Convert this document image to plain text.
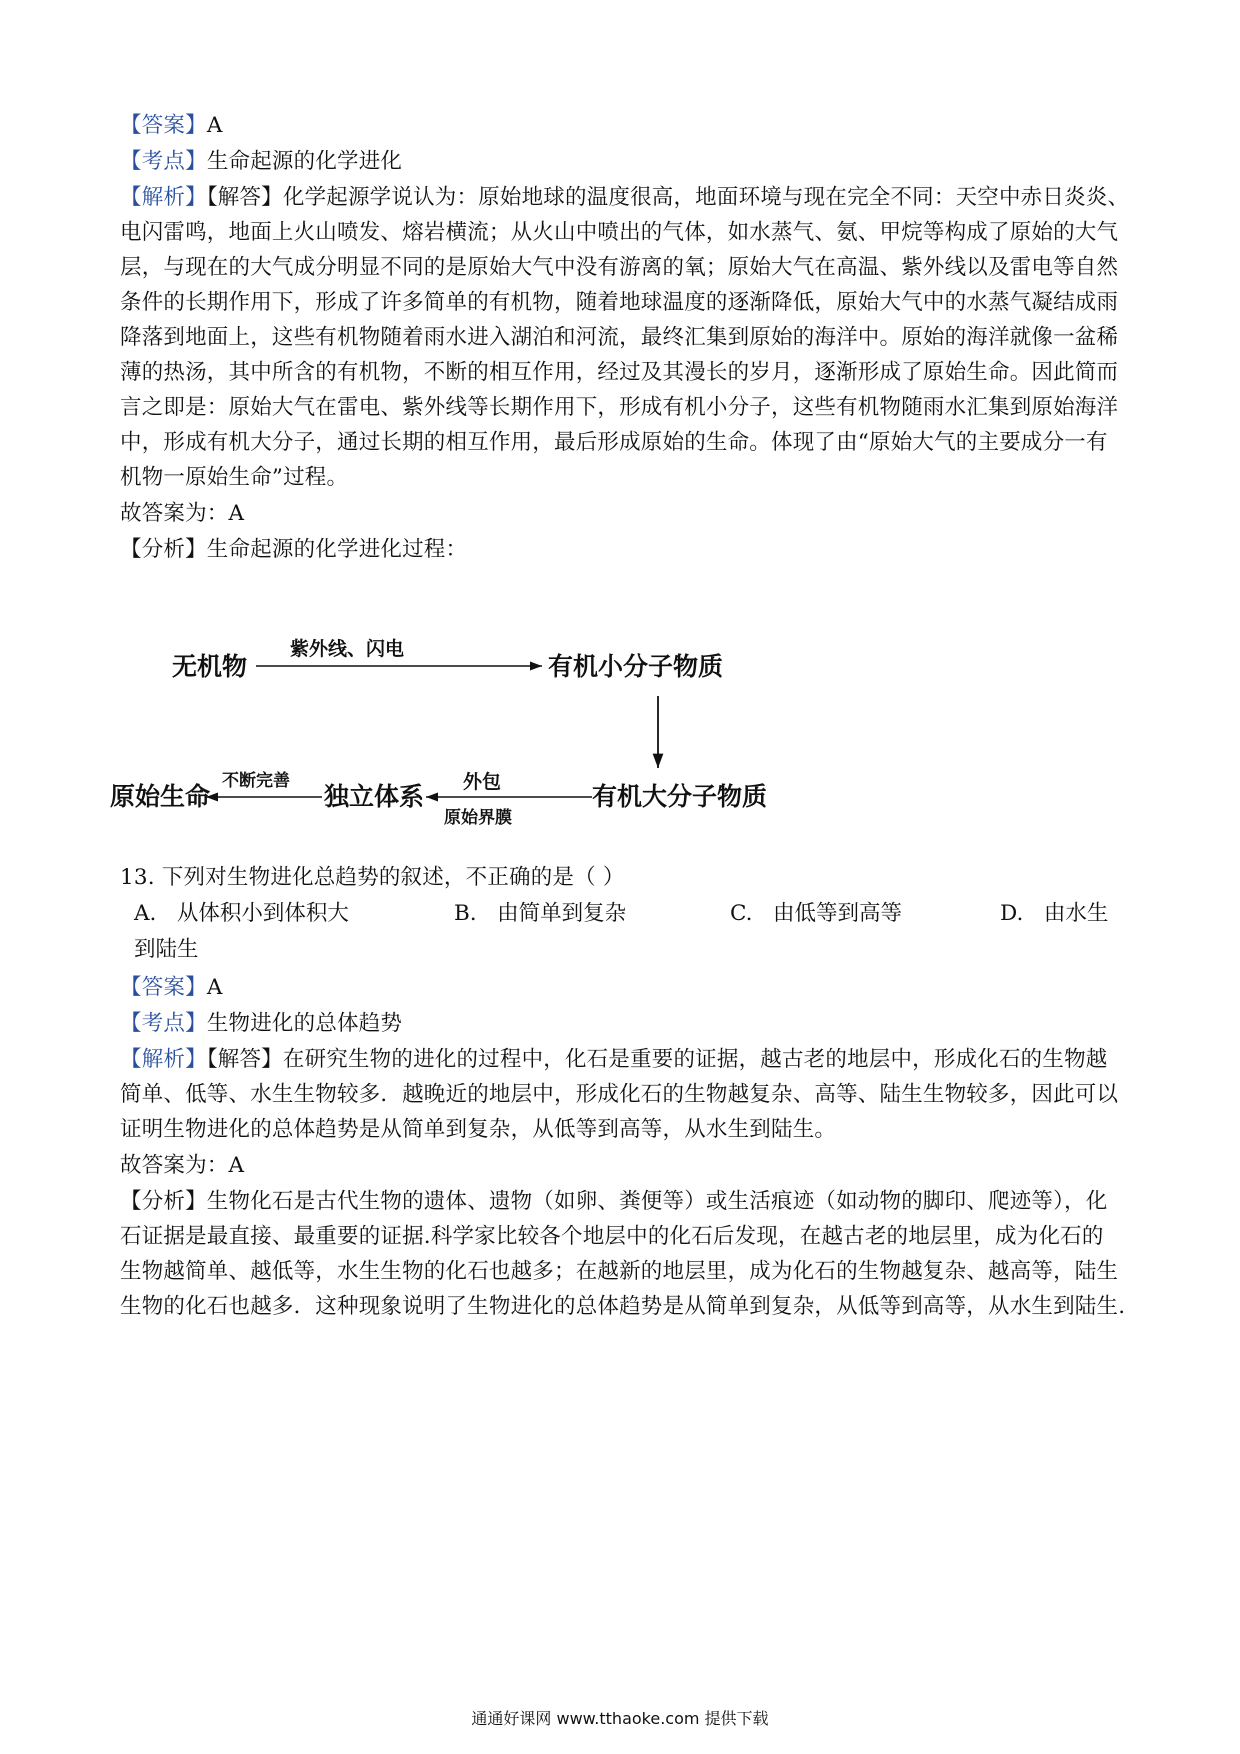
【答案】A
【考点】生命起源的化学进化
【解析】【解答】化学起源学说认为：原始地球的温度很高，地面环境与现在完全不同：天空中赤日炎炎、
电闪雷鸣，地面上火山喷发、熔岩横流；从火山中喷出的气体，如水蒸气、氨、甲烷等构成了原始的大气
层，与现在的大气成分明显不同的是原始大气中没有游离的氧；原始大气在高温、紫外线以及雷电等自然
条件的长期作用下，形成了许多简单的有机物，随着地球温度的逐渐降低，原始大气中的水蒸气凝结成雨
降落到地面上，这些有机物随着雨水进入湖泊和河流，最终汇集到原始的海洋中。原始的海洋就像一盆稀
薄的热汤，其中所含的有机物，不断的相互作用，经过及其漫长的岁月，逐渐形成了原始生命。因此简而
言之即是：原始大气在雷电、紫外线等长期作用下，形成有机小分子，这些有机物随雨水汇集到原始海洋
中，形成有机大分子，通过长期的相互作用，最后形成原始的生命。体现了由“原始大气的主要成分一有
机物一原始生命”过程。
故答案为：A
【分析】生命起源的化学进化过程：
无机物
紫外线、闪电
有机小分子物质
有机大分子物质
外包
原始界膜
独立体系
不断完善
原始生命
13. 下列对生物进化总趋势的叙述，不正确的是（ ）
A. 从体积小到体积大	B. 由简单到复杂	C. 由低等到高等	D. 由水生
到陆生
【答案】A
【考点】生物进化的总体趋势
【解析】【解答】在研究生物的进化的过程中，化石是重要的证据，越古老的地层中，形成化石的生物越
简单、低等、水生生物较多．越晚近的地层中，形成化石的生物越复杂、高等、陆生生物较多，因此可以
证明生物进化的总体趋势是从简单到复杂，从低等到高等，从水生到陆生。
故答案为：A
【分析】生物化石是古代生物的遗体、遗物（如卵、粪便等）或生活痕迹（如动物的脚印、爬迹等），化
石证据是最直接、最重要的证据.科学家比较各个地层中的化石后发现，在越古老的地层里，成为化石的
生物越简单、越低等，水生生物的化石也越多；在越新的地层里，成为化石的生物越复杂、越高等，陆生
生物的化石也越多．这种现象说明了生物进化的总体趋势是从简单到复杂，从低等到高等，从水生到陆生.
通通好课网 www.tthaoke.com 提供下载
